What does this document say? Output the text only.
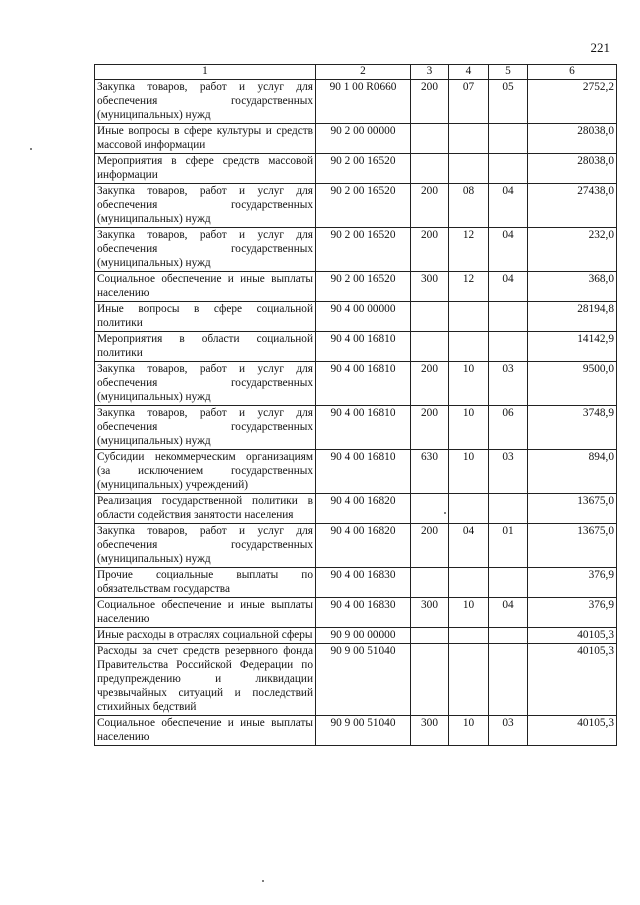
221
1	2	3	4	5	6
Закупка товаров, работ и услуг для обеспечения государственных (муниципальных) нужд	90 1 00 R0660	200	07	05	2752,2
Иные вопросы в сфере культуры и средств массовой информации	90 2 00 00000				28038,0
Мероприятия в сфере средств массовой информации	90 2 00 16520				28038,0
Закупка товаров, работ и услуг для обеспечения государственных (муниципальных) нужд	90 2 00 16520	200	08	04	27438,0
Закупка товаров, работ и услуг для обеспечения государственных (муниципальных) нужд	90 2 00 16520	200	12	04	232,0
Социальное обеспечение и иные выплаты населению	90 2 00 16520	300	12	04	368,0
Иные вопросы в сфере социальной политики	90 4 00 00000				28194,8
Мероприятия в области социальной политики	90 4 00 16810				14142,9
Закупка товаров, работ и услуг для обеспечения государственных (муниципальных) нужд	90 4 00 16810	200	10	03	9500,0
Закупка товаров, работ и услуг для обеспечения государственных (муниципальных) нужд	90 4 00 16810	200	10	06	3748,9
Субсидии некоммерческим организациям (за исключением государственных (муниципальных) учреждений)	90 4 00 16810	630	10	03	894,0
Реализация государственной политики в области содействия занятости населения	90 4 00 16820				13675,0
Закупка товаров, работ и услуг для обеспечения государственных (муниципальных) нужд	90 4 00 16820	200	04	01	13675,0
Прочие социальные выплаты по обязательствам государства	90 4 00 16830				376,9
Социальное обеспечение и иные выплаты населению	90 4 00 16830	300	10	04	376,9
Иные расходы в отраслях социальной сферы	90 9 00 00000				40105,3
Расходы за счет средств резервного фонда Правительства Российской Федерации по предупреждению и ликвидации чрезвычайных ситуаций и последствий стихийных бедствий	90 9 00 51040				40105,3
Социальное обеспечение и иные выплаты населению	90 9 00 51040	300	10	03	40105,3
